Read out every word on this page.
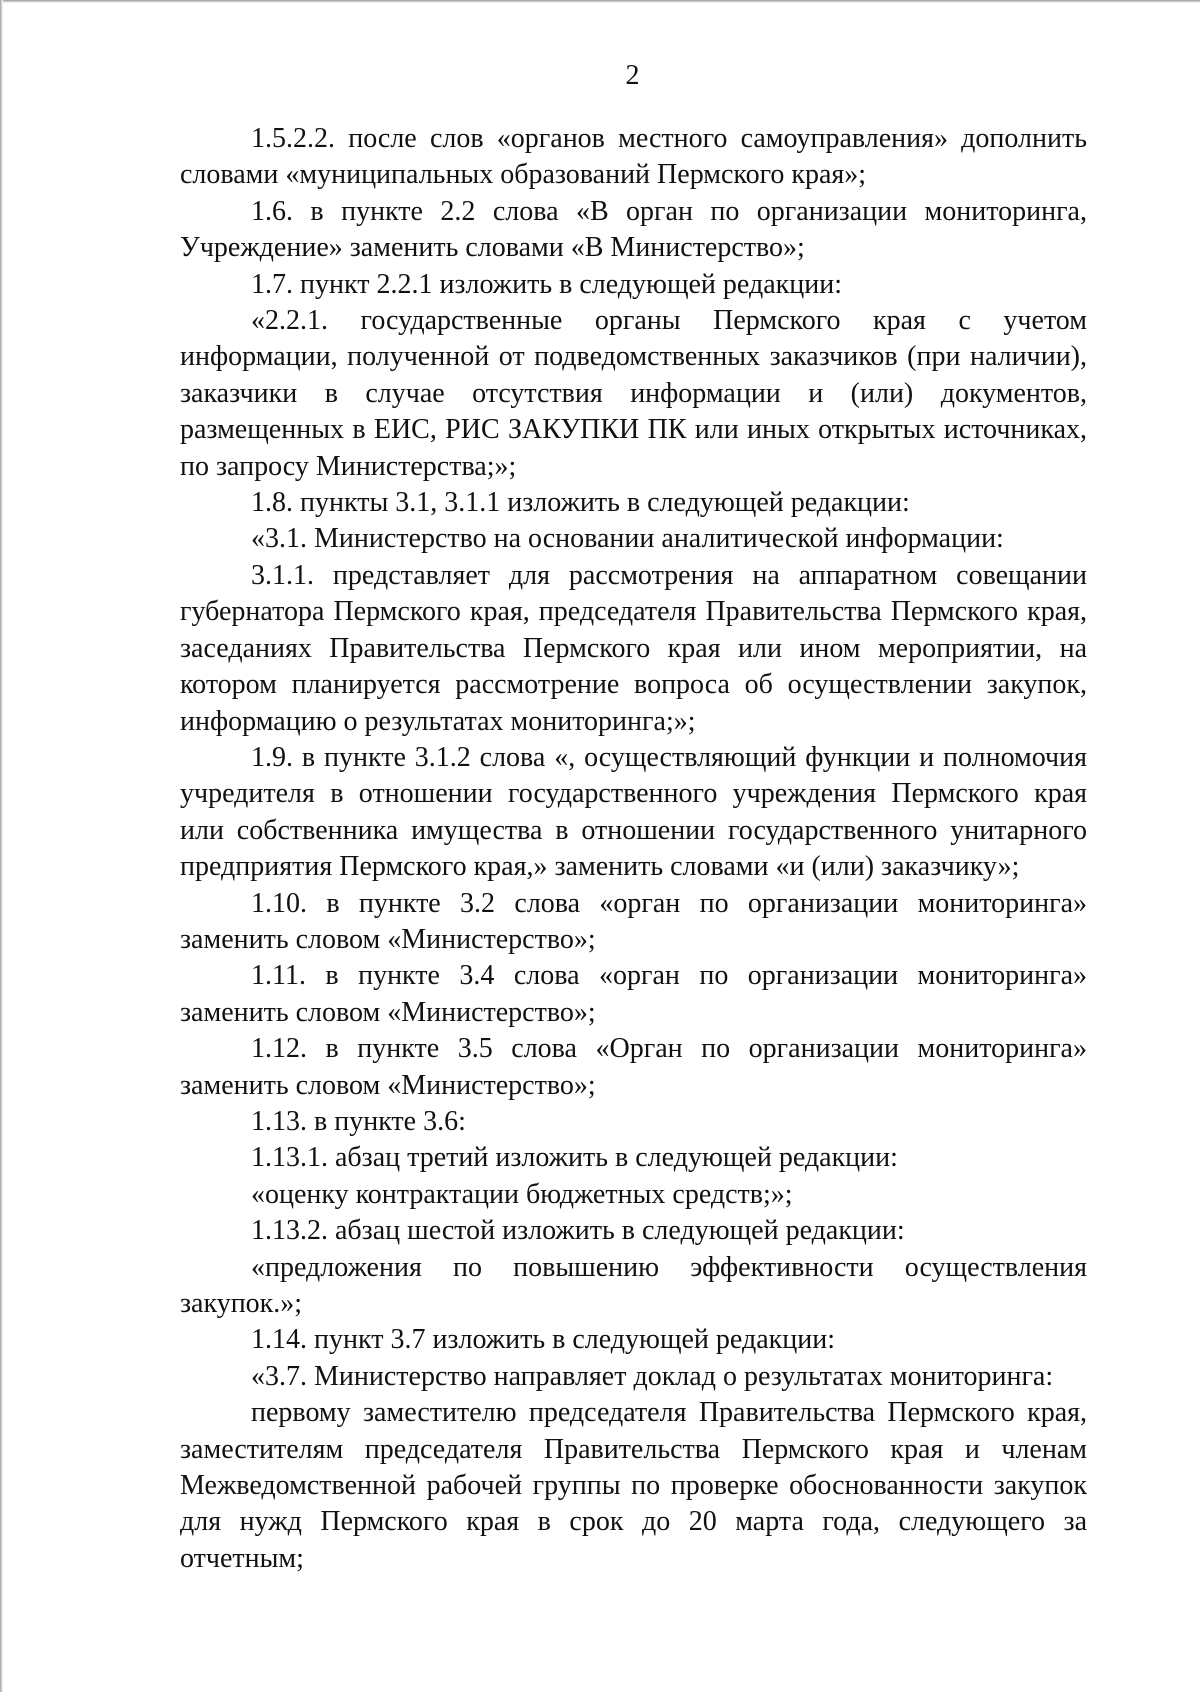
2

1.5.2.2. после слов «органов местного самоуправления» дополнить словами «муниципальных образований Пермского края»;

1.6. в пункте 2.2 слова «В орган по организации мониторинга, Учреждение» заменить словами «В Министерство»;

1.7. пункт 2.2.1 изложить в следующей редакции:

«2.2.1. государственные органы Пермского края с учетом информации, полученной от подведомственных заказчиков (при наличии), заказчики в случае отсутствия информации и (или) документов, размещенных в ЕИС, РИС ЗАКУПКИ ПК или иных открытых источниках, по запросу Министерства;»;

1.8. пункты 3.1, 3.1.1 изложить в следующей редакции:

«3.1. Министерство на основании аналитической информации:

3.1.1. представляет для рассмотрения на аппаратном совещании губернатора Пермского края, председателя Правительства Пермского края, заседаниях Правительства Пермского края или ином мероприятии, на котором планируется рассмотрение вопроса об осуществлении закупок, информацию о результатах мониторинга;»;

1.9. в пункте 3.1.2 слова «, осуществляющий функции и полномочия учредителя в отношении государственного учреждения Пермского края или собственника имущества в отношении государственного унитарного предприятия Пермского края,» заменить словами «и (или) заказчику»;

1.10. в пункте 3.2 слова «орган по организации мониторинга» заменить словом «Министерство»;

1.11. в пункте 3.4 слова «орган по организации мониторинга» заменить словом «Министерство»;

1.12. в пункте 3.5 слова «Орган по организации мониторинга» заменить словом «Министерство»;

1.13. в пункте 3.6:

1.13.1. абзац третий изложить в следующей редакции:

«оценку контрактации бюджетных средств;»;

1.13.2. абзац шестой изложить в следующей редакции:

«предложения по повышению эффективности осуществления закупок.»;

1.14. пункт 3.7 изложить в следующей редакции:

«3.7. Министерство направляет доклад о результатах мониторинга:

первому заместителю председателя Правительства Пермского края, заместителям председателя Правительства Пермского края и членам Межведомственной рабочей группы по проверке обоснованности закупок для нужд Пермского края в срок до 20 марта года, следующего за отчетным;
